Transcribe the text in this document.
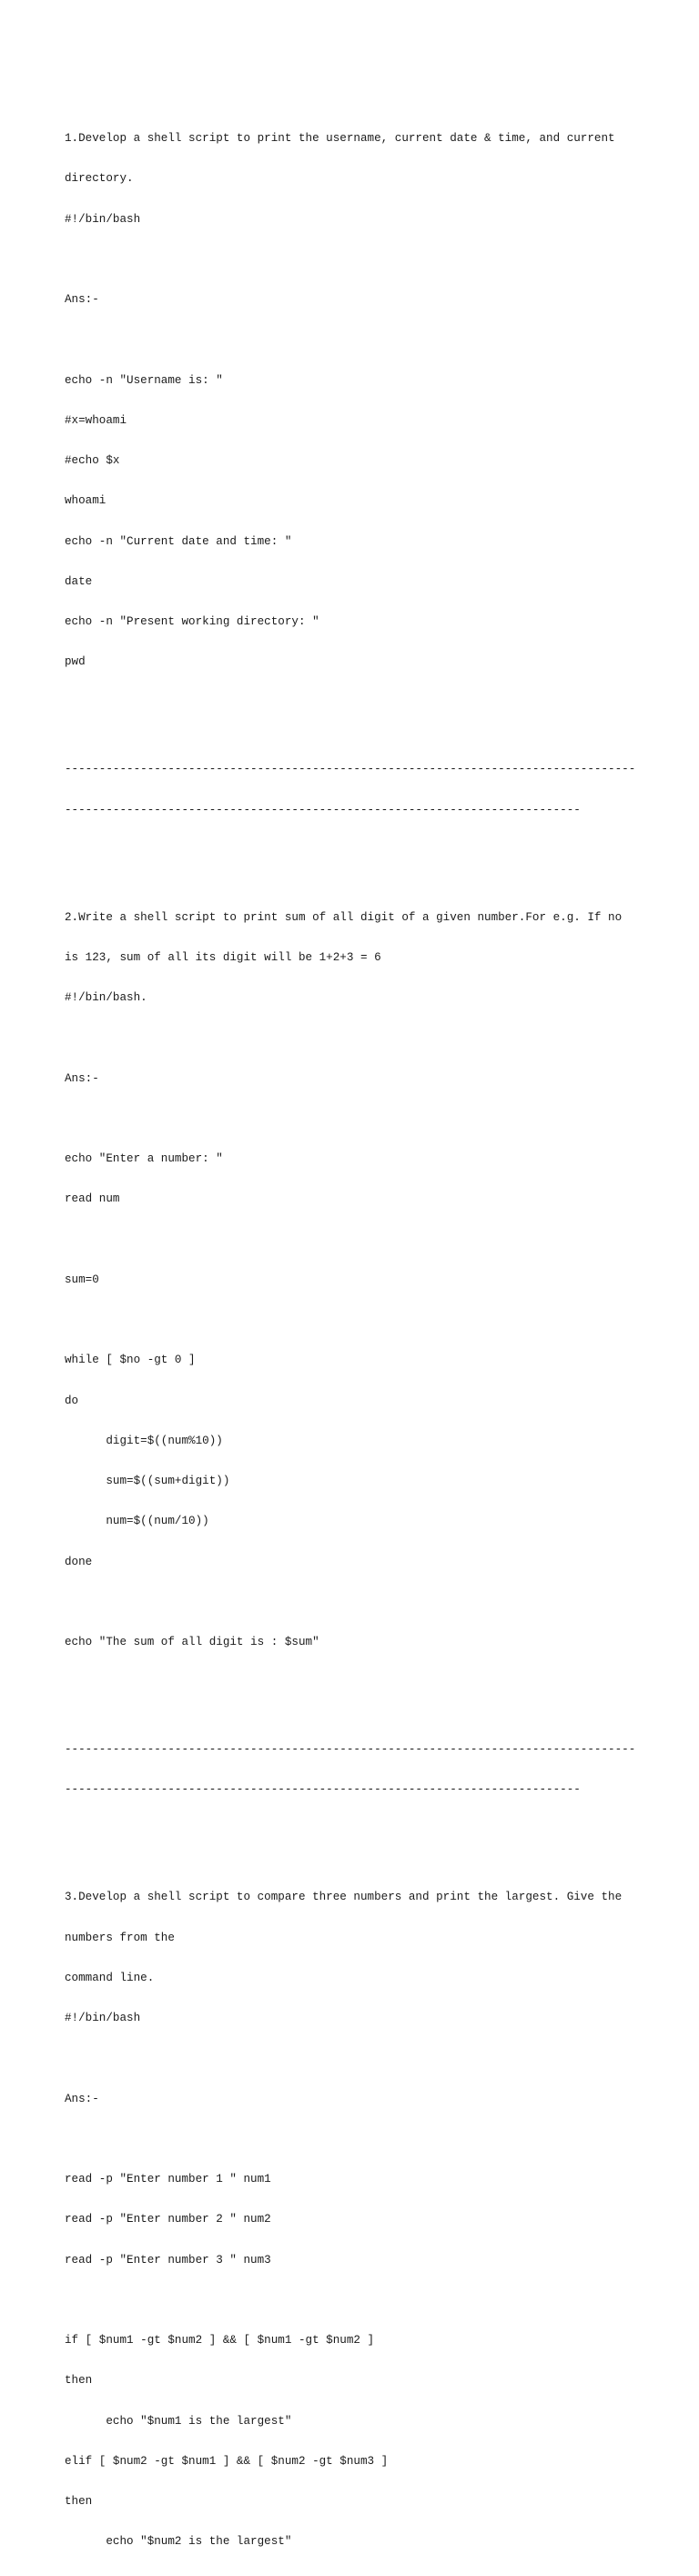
1.Develop a shell script to print the username, current date & time, and current

directory.

#!/bin/bash

Ans:-

echo -n "Username is: "

#x=whoami

#echo $x

whoami

echo -n "Current date and time: "

date

echo -n "Present working directory: "

pwd

-----------------------------------------------------------------------------------

---------------------------------------------------------------------------

2.Write a shell script to print sum of all digit of a given number.For e.g. If no

is 123, sum of all its digit will be 1+2+3 = 6

#!/bin/bash.

Ans:-

echo "Enter a number: "

read num

sum=0

while [ $no -gt 0 ]

do

digit=$((num%10))

sum=$((sum+digit))

num=$((num/10))

done

echo "The sum of all digit is : $sum"

-----------------------------------------------------------------------------------

---------------------------------------------------------------------------

3.Develop a shell script to compare three numbers and print the largest. Give the

numbers from the

command line.

#!/bin/bash

Ans:-

read -p "Enter number 1 " num1

read -p "Enter number 2 " num2

read -p "Enter number 3 " num3

if [ $num1 -gt $num2 ] && [ $num1 -gt $num2 ]

then

echo "$num1 is the largest"

elif [ $num2 -gt $num1 ] && [ $num2 -gt $num3 ]

then

echo "$num2 is the largest"
